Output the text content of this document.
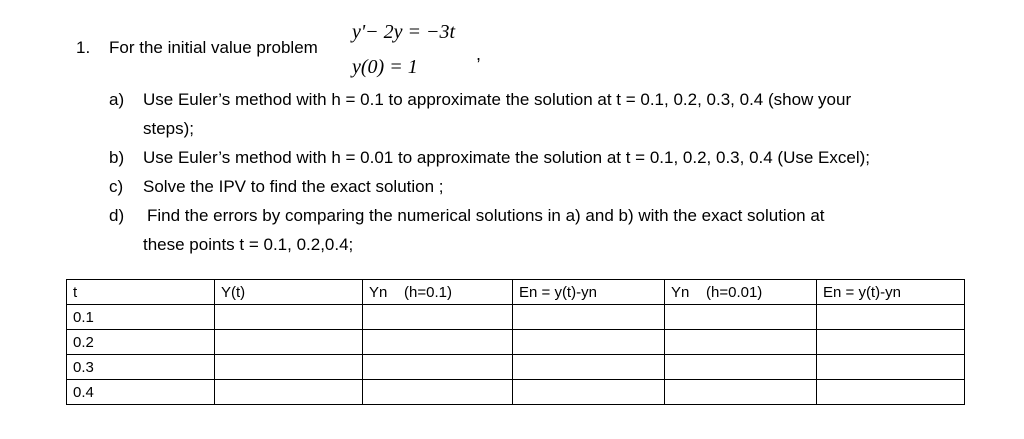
1. For the initial value problem
y'− 2y = −3t
y(0) = 1
,
a) Use Euler’s method with h = 0.1 to approximate the solution at t = 0.1, 0.2, 0.3, 0.4 (show your
steps);
b) Use Euler’s method with h = 0.01 to approximate the solution at t = 0.1, 0.2, 0.3, 0.4 (Use Excel);
c) Solve the IPV to find the exact solution ;
d) Find the errors by comparing the numerical solutions in a) and b) with the exact solution at
these points t = 0.1, 0.2,0.4;
t	Y(t)	Yn    (h=0.1)	En = y(t)-yn	Yn    (h=0.01)	En = y(t)-yn
0.1					
0.2					
0.3					
0.4					
